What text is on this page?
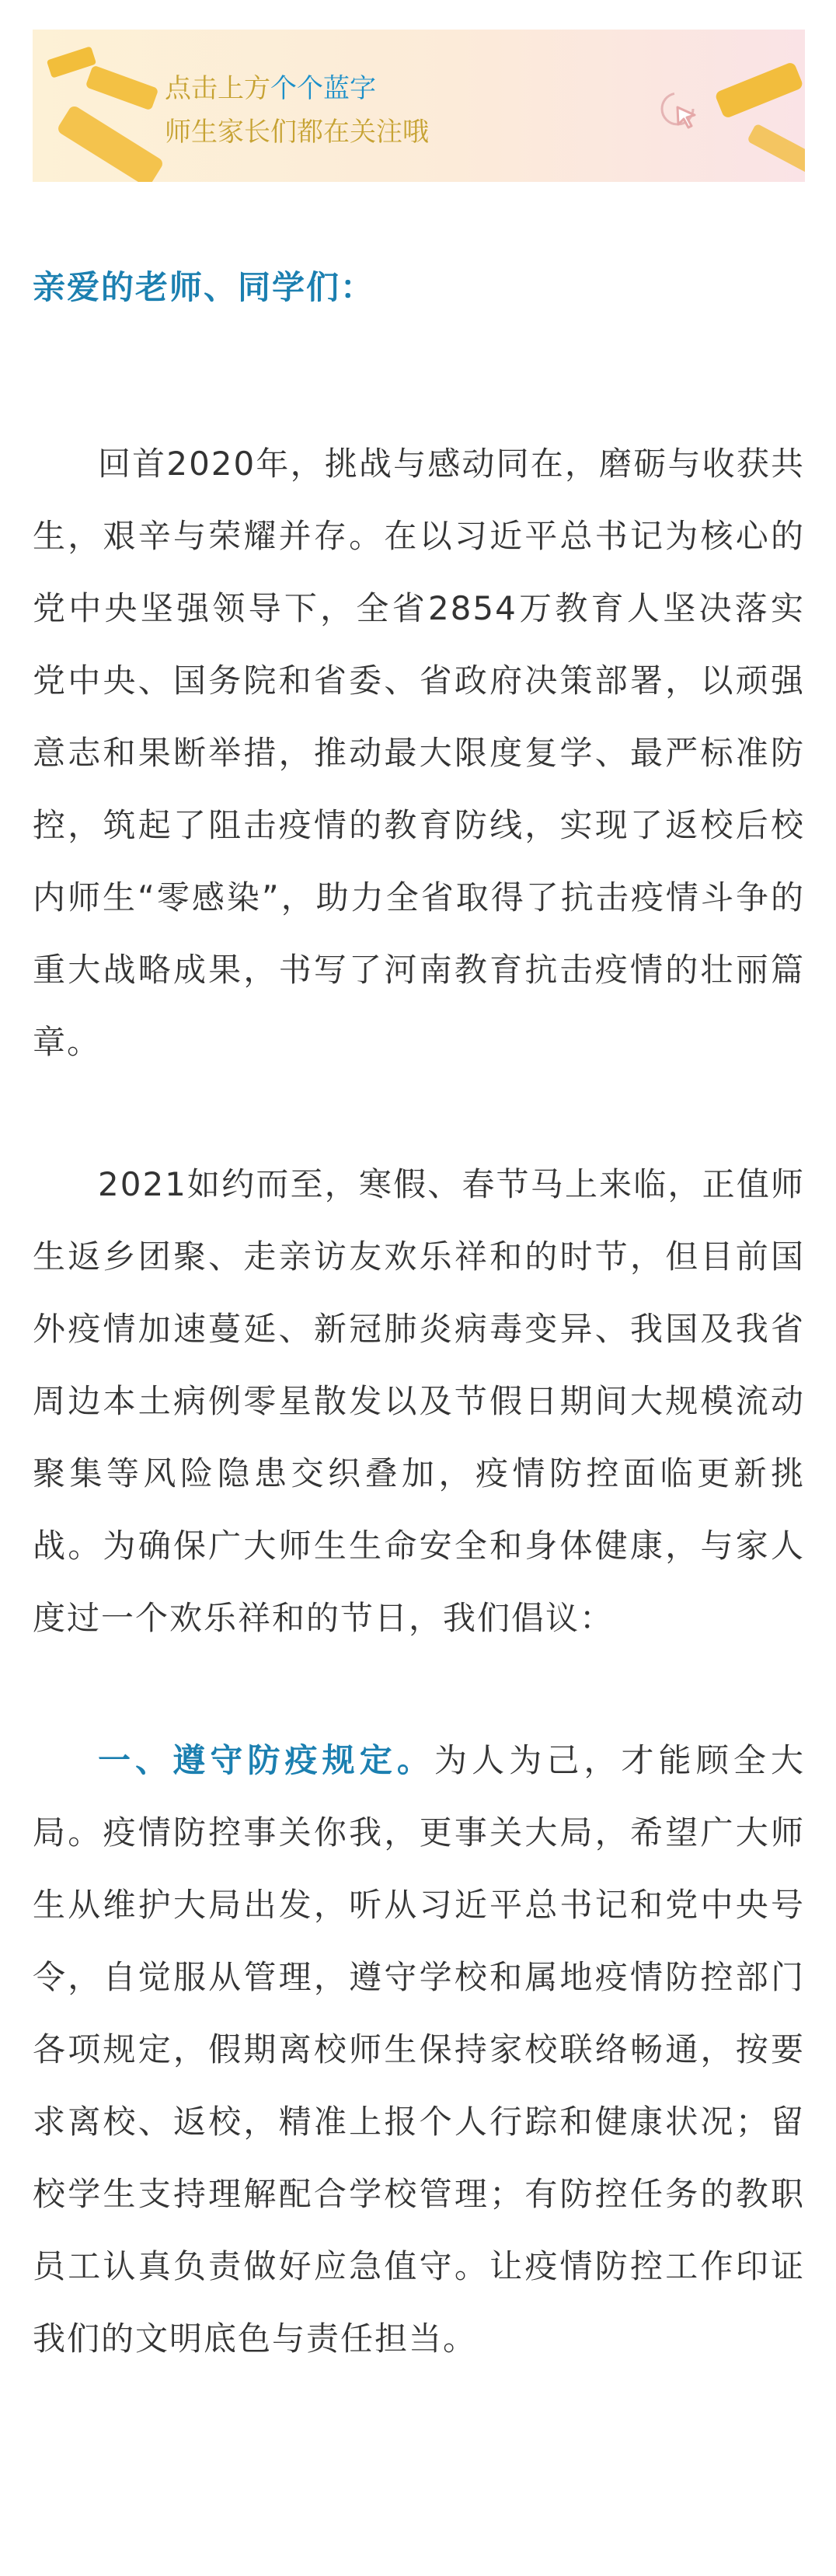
点击上方个个蓝字
师生家长们都在关注哦

亲爱的老师、同学们：

回首2020年，挑战与感动同在，磨砺与收获共生，艰辛与荣耀并存。在以习近平总书记为核心的党中央坚强领导下，全省2854万教育人坚决落实党中央、国务院和省委、省政府决策部署，以顽强意志和果断举措，推动最大限度复学、最严标准防控，筑起了阻击疫情的教育防线，实现了返校后校内师生“零感染”，助力全省取得了抗击疫情斗争的重大战略成果，书写了河南教育抗击疫情的壮丽篇章。

2021如约而至，寒假、春节马上来临，正值师生返乡团聚、走亲访友欢乐祥和的时节，但目前国外疫情加速蔓延、新冠肺炎病毒变异、我国及我省周边本土病例零星散发以及节假日期间大规模流动聚集等风险隐患交织叠加，疫情防控面临更新挑战。为确保广大师生生命安全和身体健康，与家人度过一个欢乐祥和的节日，我们倡议：

一、遵守防疫规定。为人为己，才能顾全大局。疫情防控事关你我，更事关大局，希望广大师生从维护大局出发，听从习近平总书记和党中央号令，自觉服从管理，遵守学校和属地疫情防控部门各项规定，假期离校师生保持家校联络畅通，按要求离校、返校，精准上报个人行踪和健康状况；留校学生支持理解配合学校管理；有防控任务的教职员工认真负责做好应急值守。让疫情防控工作印证我们的文明底色与责任担当。
